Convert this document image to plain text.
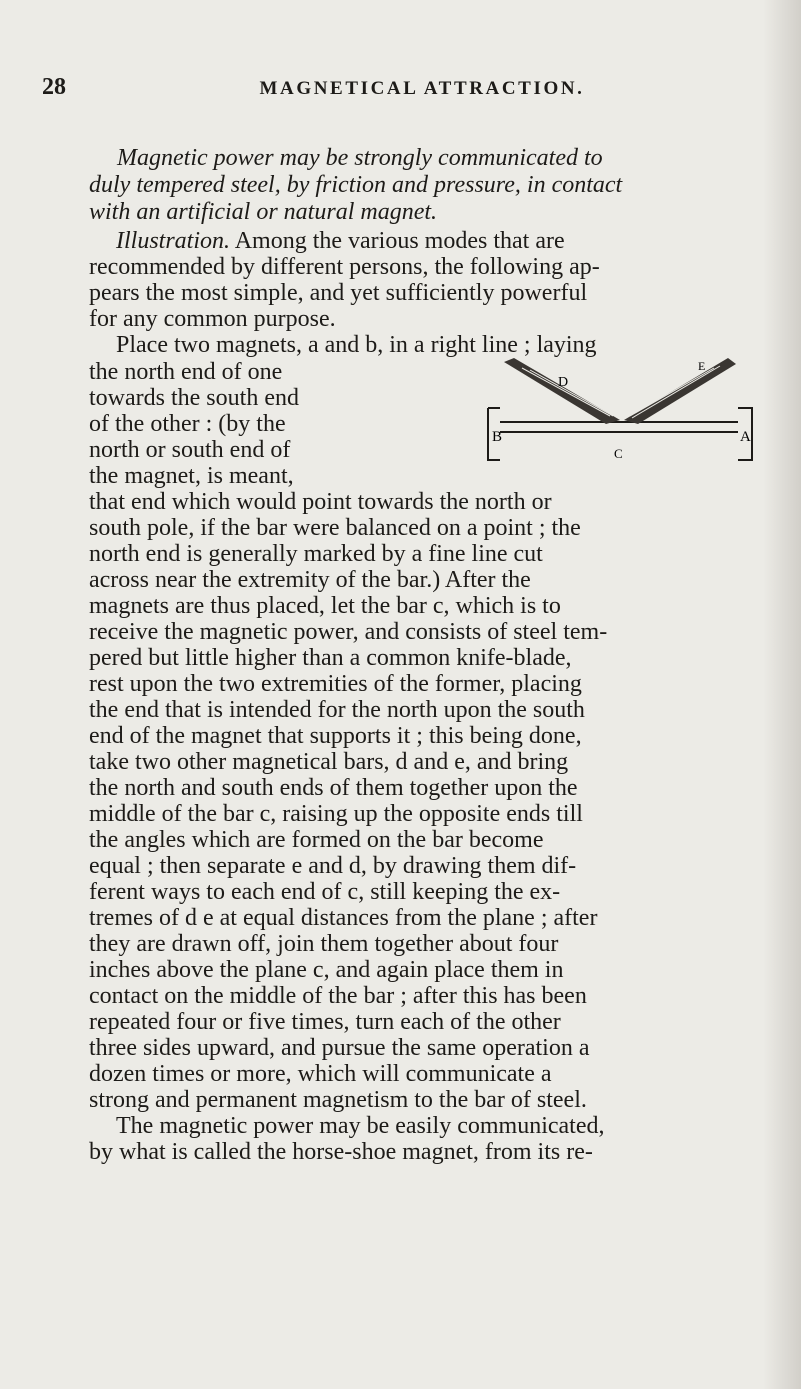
28	MAGNETICAL ATTRACTION.
Magnetic power may be strongly communicated to
duly tempered steel, by friction and pressure, in contact
with an artificial or natural magnet.
Illustration. Among the various modes that are
recommended by different persons, the following ap-
pears the most simple, and yet sufficiently powerful
for any common purpose.
Place two magnets, a and b, in a right line ; laying
the north end of one
towards the south end
of the other : (by the
north or south end of
the magnet, is meant,
B	A
C
D
E
that end which would point towards the north or
south pole, if the bar were balanced on a point ; the
north end is generally marked by a fine line cut
across near the extremity of the bar.) After the
magnets are thus placed, let the bar c, which is to
receive the magnetic power, and consists of steel tem-
pered but little higher than a common knife-blade,
rest upon the two extremities of the former, placing
the end that is intended for the north upon the south
end of the magnet that supports it ; this being done,
take two other magnetical bars, d and e, and bring
the north and south ends of them together upon the
middle of the bar c, raising up the opposite ends till
the angles which are formed on the bar become
equal ; then separate e and d, by drawing them dif-
ferent ways to each end of c, still keeping the ex-
tremes of d e at equal distances from the plane ; after
they are drawn off, join them together about four
inches above the plane c, and again place them in
contact on the middle of the bar ; after this has been
repeated four or five times, turn each of the other
three sides upward, and pursue the same operation a
dozen times or more, which will communicate a
strong and permanent magnetism to the bar of steel.
The magnetic power may be easily communicated,
by what is called the horse-shoe magnet, from its re-
